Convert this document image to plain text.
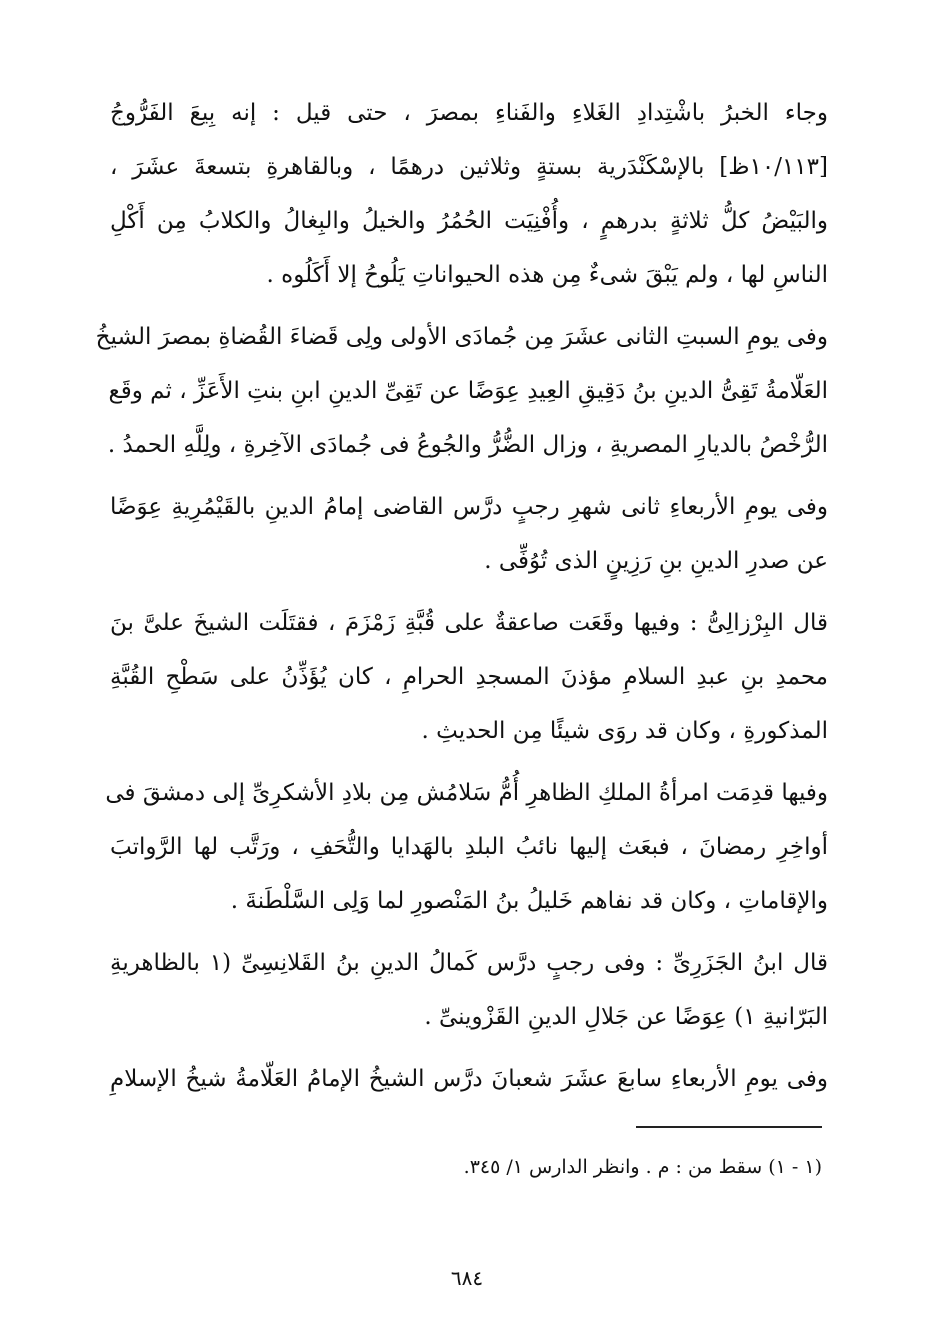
وجاء الخبرُ باشْتِدادِ الغَلاءِ والفَناءِ بمصرَ ، حتى قيل : إنه بِيعَ الفَرُّوجُ
[١٠/١١٣ظ] بالإسْكَنْدَرية بستةٍ وثلاثين درهمًا ، وبالقاهرةِ بتسعةَ عشَرَ ،
والبَيْضُ كلُّ ثلاثةٍ بدرهمٍ ، وأُفْنِيَت الحُمُرُ والخيلُ والبِغالُ والكلابُ مِن أَكْلِ
الناسِ لها ، ولم يَبْقَ شىءٌ مِن هذه الحيواناتِ يَلُوحُ إلا أَكَلُوه .

وفى يومِ السبتِ الثانى عشَرَ مِن جُمادَى الأولى ولِى قَضاءَ القُضاةِ بمصرَ الشيخُ
العَلّامةُ تَقِىُّ الدينِ بنُ دَقِيقِ العِيدِ عِوَضًا عن تَقِىِّ الدينِ ابنِ بنتِ الأَعَزِّ ، ثم وقَع
الرُّخْصُ بالديارِ المصريةِ ، وزال الضُّرُّ والجُوعُ فى جُمادَى الآخِرةِ ، ولِلَّهِ الحمدُ .

وفى يومِ الأربعاءِ ثانى شهرِ رجبٍ درَّس القاضى إمامُ الدينِ بالقَيْمُرِيةِ عِوَضًا
عن صدرِ الدينِ بنِ رَزِينٍ الذى تُوُفِّى .

قال البِرْزالِىُّ : وفيها وقَعَت صاعقةٌ على قُبَّةِ زَمْزَمَ ، فقتَلَت الشيخَ علىَّ بنَ
محمدِ بنِ عبدِ السلامِ مؤذنَ المسجدِ الحرامِ ، كان يُؤَذِّنُ على سَطْحِ القُبَّةِ
المذكورةِ ، وكان قد روَى شيئًا مِن الحديثِ .

وفيها قدِمَت امرأةُ الملكِ الظاهرِ أُمُّ سَلامُش مِن بلادِ الأشكرِىِّ إلى دمشقَ فى
أواخِرِ رمضانَ ، فبعَث إليها نائبُ البلدِ بالهَدايا والتُّحَفِ ، ورَتَّب لها الرَّواتبَ
والإقاماتِ ، وكان قد نفاهم خَليلُ بنُ المَنْصورِ لما وَلِى السَّلْطَنةَ .

قال ابنُ الجَزَرِىِّ : وفى رجبٍ درَّس كَمالُ الدينِ بنُ القَلانِسِىِّ (١ بالظاهريةِ
البَرّانيةِ ١) عِوَضًا عن جَلالِ الدينِ القَزْوينىِّ .

وفى يومِ الأربعاءِ سابعَ عشَرَ شعبانَ درَّس الشيخُ الإمامُ العَلّامةُ شيخُ الإسلامِ

(١ - ١) سقط من : م . وانظر الدارس ١/ ٣٤٥.
٦٨٤
